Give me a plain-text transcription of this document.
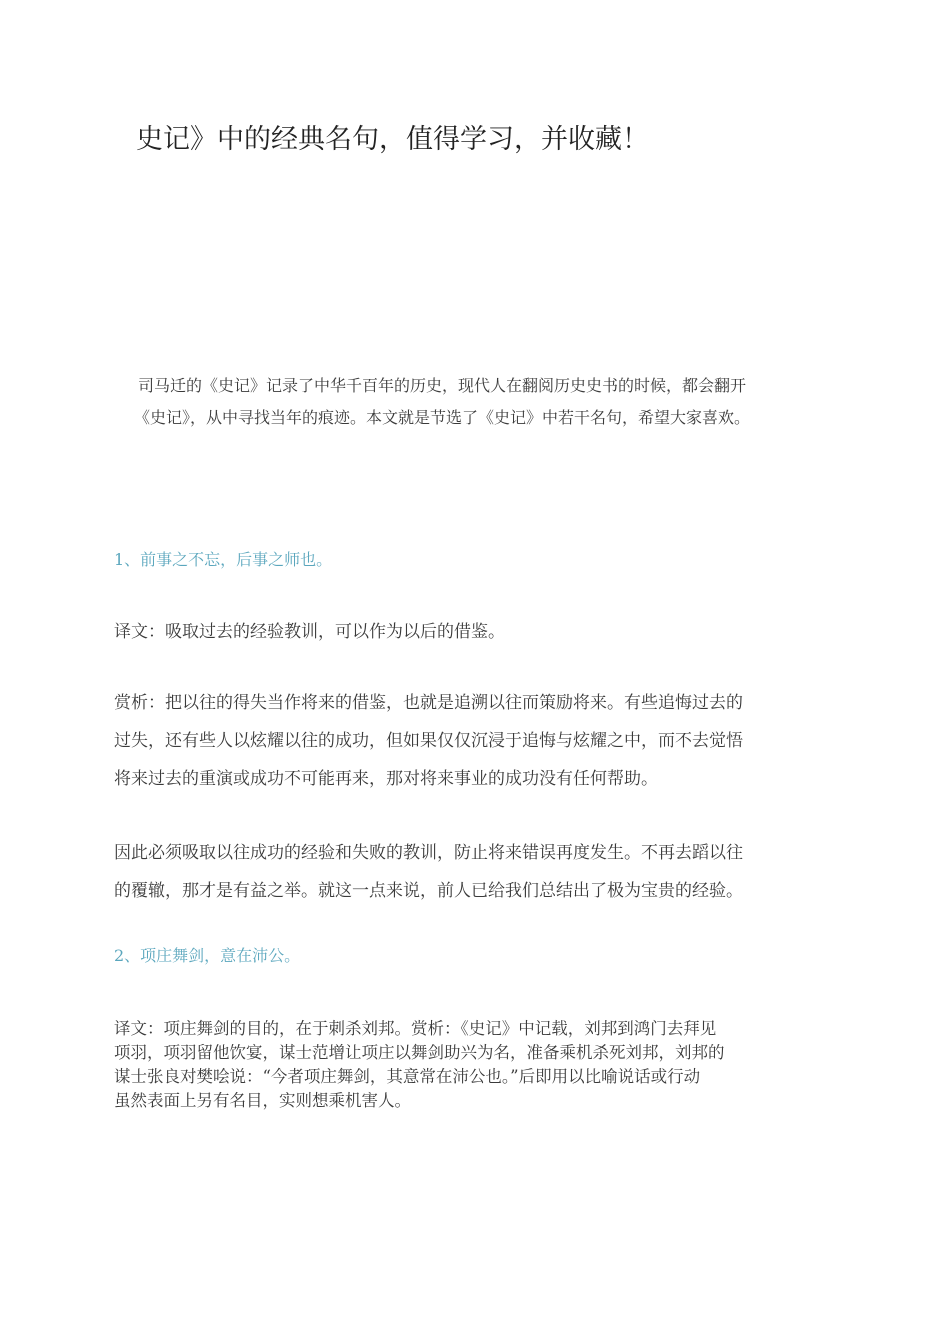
史记》中的经典名句，值得学习，并收藏！

司马迁的《史记》记录了中华千百年的历史，现代人在翻阅历史史书的时候，都会翻开

《史记》，从中寻找当年的痕迹。本文就是节选了《史记》中若干名句，希望大家喜欢。

1、前事之不忘，后事之师也。

译文：吸取过去的经验教训，可以作为以后的借鉴。

赏析：把以往的得失当作将来的借鉴，也就是追溯以往而策励将来。有些追悔过去的

过失，还有些人以炫耀以往的成功，但如果仅仅沉浸于追悔与炫耀之中，而不去觉悟

将来过去的重演或成功不可能再来，那对将来事业的成功没有任何帮助。

因此必须吸取以往成功的经验和失败的教训，防止将来错误再度发生。不再去蹈以往

的覆辙，那才是有益之举。就这一点来说，前人已给我们总结出了极为宝贵的经验。

2、项庄舞剑，意在沛公。

译文：项庄舞剑的目的，在于刺杀刘邦。赏析：《史记》中记载，刘邦到鸿门去拜见

项羽，项羽留他饮宴，谋士范增让项庄以舞剑助兴为名，准备乘机杀死刘邦，刘邦的

谋士张良对樊哙说：“今者项庄舞剑，其意常在沛公也。”后即用以比喻说话或行动

虽然表面上另有名目，实则想乘机害人。
